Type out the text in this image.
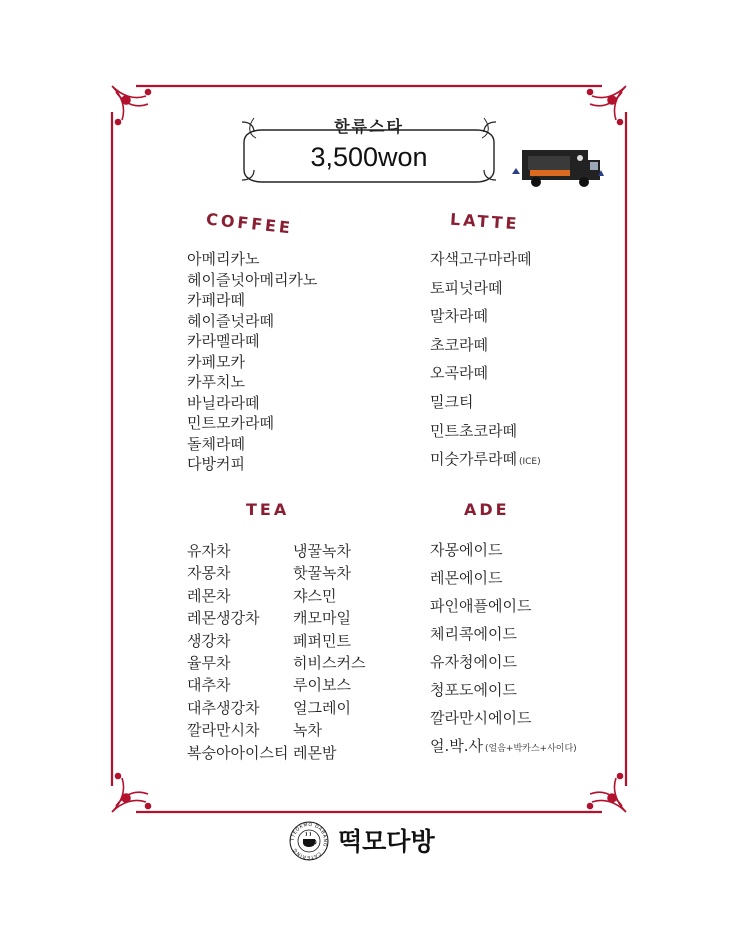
한류스타
3,500won
COFFEE
아메리카노
헤이즐넛아메리카노
카페라떼
헤이즐넛라떼
카라멜라떼
카페모카
카푸치노
바닐라라떼
민트모카라떼
돌체라떼
다방커피
LATTE
자색고구마라떼
토피넛라떼
말차라떼
초코라떼
오곡라떼
밀크티
민트초코라떼
미숫가루라떼 (ICE)
TEA
유자차
자몽차
레몬차
레몬생강차
생강차
율무차
대추차
대추생강차
깔라만시차
복숭아아이스티
냉꿀녹차
핫꿀녹차
쟈스민
캐모마일
페퍼민트
히비스커스
루이보스
얼그레이
녹차
레몬밤
ADE
자몽에이드
레몬에이드
파인애플에이드
체리콕에이드
유자청에이드
청포도에이드
깔라만시에이드
얼.박.사 (얼음+박카스+사이다)
TTEOKMO DABANG · CATERING	떡모다방
